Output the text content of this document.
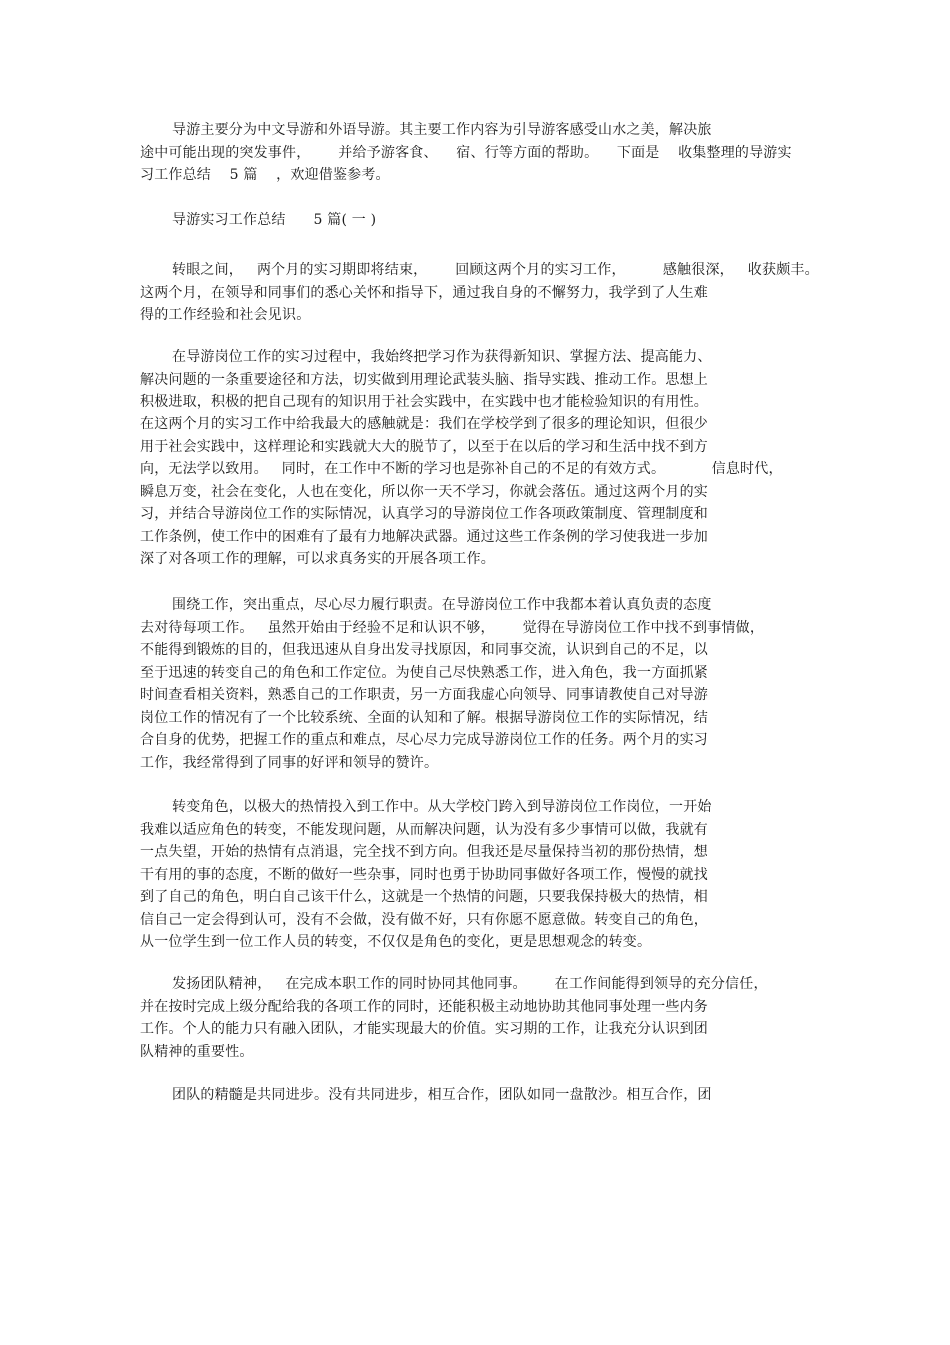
导游主要分为中文导游和外语导游。其主要工作内容为引导游客感受山水之美，解决旅
途中可能出现的突发事件，      并给予游客食、    宿、行等方面的帮助。    下面是    收集整理的导游实
习工作总结    5 篇    ，欢迎借鉴参考。
导游实习工作总结      5 篇( 一 )
转眼之间，   两个月的实习期即将结束，      回顾这两个月的实习工作，        感触很深，   收获颇丰。
这两个月，在领导和同事们的悉心关怀和指导下，通过我自身的不懈努力，我学到了人生难
得的工作经验和社会见识。
在导游岗位工作的实习过程中，我始终把学习作为获得新知识、掌握方法、提高能力、
解决问题的一条重要途径和方法，切实做到用理论武装头脑、指导实践、推动工作。思想上
积极进取，积极的把自己现有的知识用于社会实践中，在实践中也才能检验知识的有用性。
在这两个月的实习工作中给我最大的感触就是：我们在学校学到了很多的理论知识，但很少
用于社会实践中，这样理论和实践就大大的脱节了，以至于在以后的学习和生活中找不到方
向，无法学以致用。   同时，在工作中不断的学习也是弥补自己的不足的有效方式。          信息时代，
瞬息万变，社会在变化，人也在变化，所以你一天不学习，你就会落伍。通过这两个月的实
习，并结合导游岗位工作的实际情况，认真学习的导游岗位工作各项政策制度、管理制度和
工作条例，使工作中的困难有了最有力地解决武器。通过这些工作条例的学习使我进一步加
深了对各项工作的理解，可以求真务实的开展各项工作。
围绕工作，突出重点，尽心尽力履行职责。在导游岗位工作中我都本着认真负责的态度
去对待每项工作。   虽然开始由于经验不足和认识不够，      觉得在导游岗位工作中找不到事情做，
不能得到锻炼的目的，但我迅速从自身出发寻找原因，和同事交流，认识到自己的不足，以
至于迅速的转变自己的角色和工作定位。为使自己尽快熟悉工作，进入角色，我一方面抓紧
时间查看相关资料，熟悉自己的工作职责，另一方面我虚心向领导、同事请教使自己对导游
岗位工作的情况有了一个比较系统、全面的认知和了解。根据导游岗位工作的实际情况，结
合自身的优势，把握工作的重点和难点，尽心尽力完成导游岗位工作的任务。两个月的实习
工作，我经常得到了同事的好评和领导的赞许。
转变角色，以极大的热情投入到工作中。从大学校门跨入到导游岗位工作岗位，一开始
我难以适应角色的转变，不能发现问题，从而解决问题，认为没有多少事情可以做，我就有
一点失望，开始的热情有点消退，完全找不到方向。但我还是尽量保持当初的那份热情，想
干有用的事的态度，不断的做好一些杂事，同时也勇于协助同事做好各项工作，慢慢的就找
到了自己的角色，明白自己该干什么，这就是一个热情的问题，只要我保持极大的热情，相
信自己一定会得到认可，没有不会做，没有做不好，只有你愿不愿意做。转变自己的角色，
从一位学生到一位工作人员的转变，不仅仅是角色的变化，更是思想观念的转变。
发扬团队精神，   在完成本职工作的同时协同其他同事。      在工作间能得到领导的充分信任，
并在按时完成上级分配给我的各项工作的同时，还能积极主动地协助其他同事处理一些内务
工作。个人的能力只有融入团队，才能实现最大的价值。实习期的工作，让我充分认识到团
队精神的重要性。
团队的精髓是共同进步。没有共同进步，相互合作，团队如同一盘散沙。相互合作，团
